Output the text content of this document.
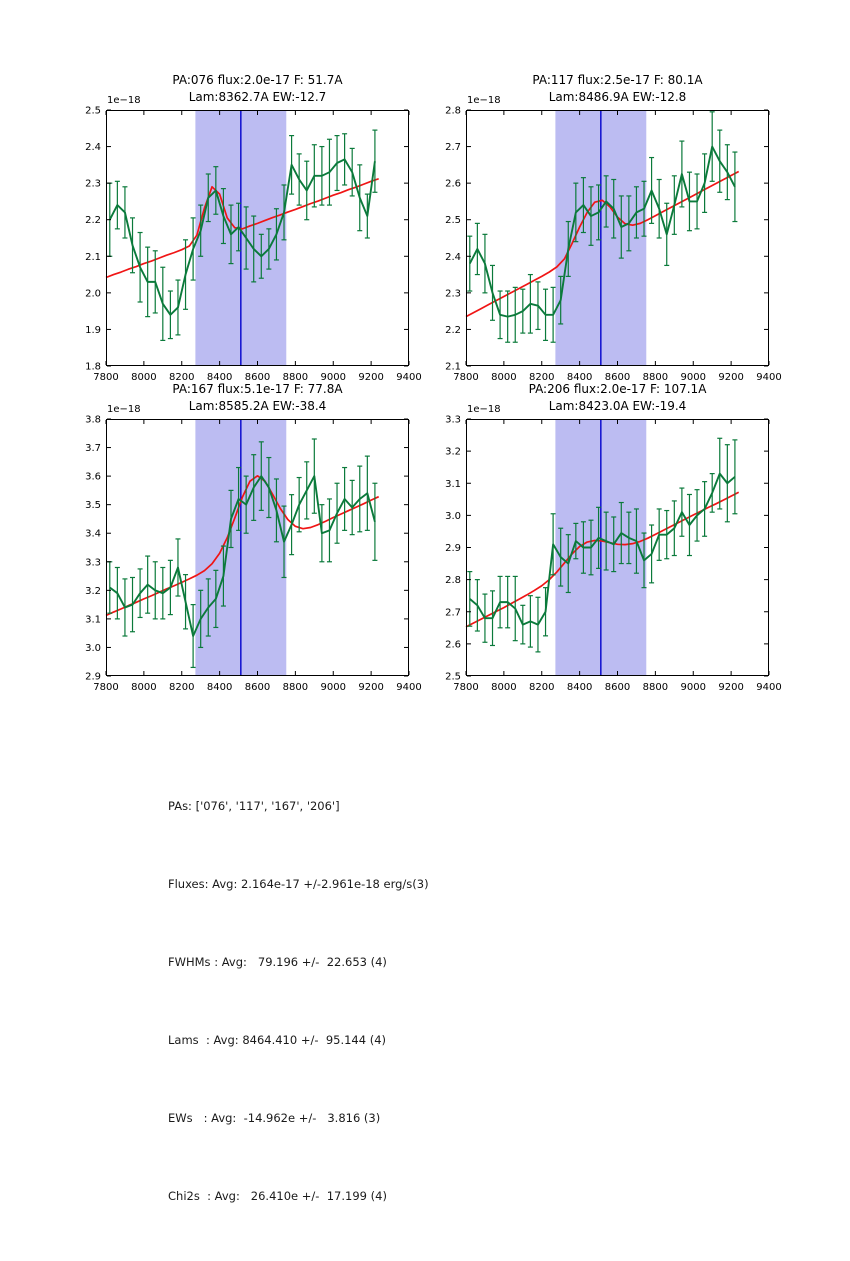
PA:076 flux:2.0e-17 F: 51.7A
Lam:8362.7A EW:-12.7
1e−18
7800 8000 8200 8400 8600 8800 9000 9200 9400
1.8
1.9
2.0
2.1
2.2
2.3
2.4
2.5
PA:117 flux:2.5e-17 F: 80.1A
Lam:8486.9A EW:-12.8
1e−18
7800 8000 8200 8400 8600 8800 9000 9200 9400
2.1
2.2
2.3
2.4
2.5
2.6
2.7
2.8
PA:167 flux:5.1e-17 F: 77.8A
Lam:8585.2A EW:-38.4
1e−18
7800 8000 8200 8400 8600 8800 9000 9200 9400
2.9
3.0
3.1
3.2
3.3
3.4
3.5
3.6
3.7
3.8
PA:206 flux:2.0e-17 F: 107.1A
Lam:8423.0A EW:-19.4
1e−18
7800 8000 8200 8400 8600 8800 9000 9200 9400
2.5
2.6
2.7
2.8
2.9
3.0
3.1
3.2
3.3

PAs: ['076', '117', '167', '206']

Fluxes: Avg: 2.164e-17 +/-2.961e-18 erg/s(3)

FWHMs : Avg:   79.196 +/-  22.653 (4)

Lams  : Avg: 8464.410 +/-  95.144 (4)

EWs   : Avg:  -14.962e +/-   3.816 (3)

Chi2s  : Avg:   26.410e +/-  17.199 (4)
